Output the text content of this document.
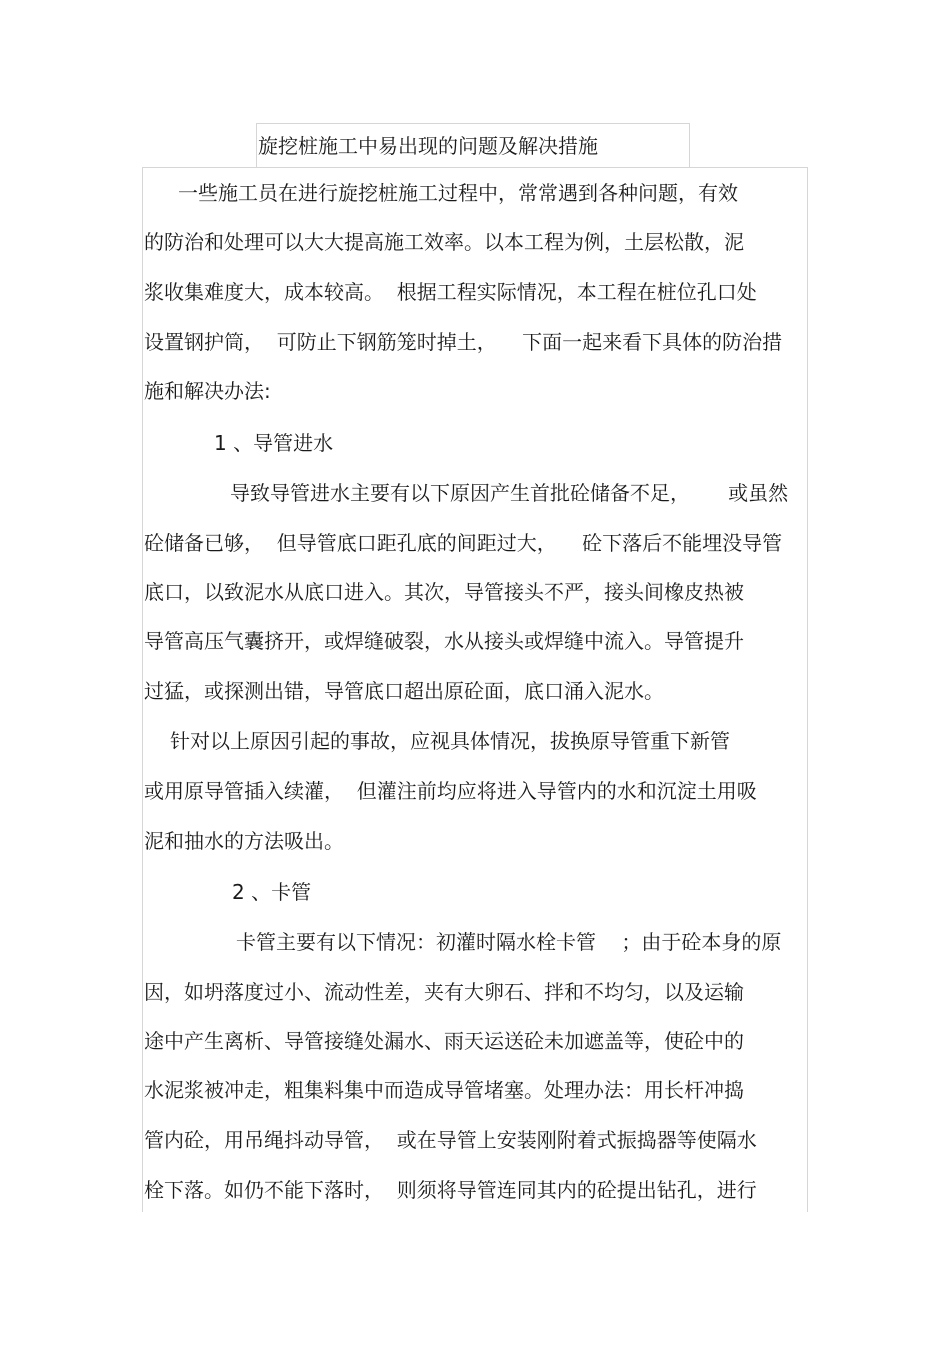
旋挖桩施工中易出现的问题及解决措施
一些施工员在进行旋挖桩施工过程中，常常遇到各种问题，有效
的防治和处理可以大大提高施工效率。以本工程为例，土层松散，泥
浆收集难度大，成本较高。  根据工程实际情况，本工程在桩位孔口处
设置钢护筒，  可防止下钢筋笼时掉土，    下面一起来看下具体的防治措
施和解决办法:
1 、导管进水
导致导管进水主要有以下原因产生首批砼储备不足，      或虽然
砼储备已够，  但导管底口距孔底的间距过大，    砼下落后不能埋没导管
底口，以致泥水从底口进入。其次，导管接头不严，接头间橡皮热被
导管高压气囊挤开，或焊缝破裂，水从接头或焊缝中流入。导管提升
过猛，或探测出错，导管底口超出原砼面，底口涌入泥水。
针对以上原因引起的事故，应视具体情况，拔换原导管重下新管
或用原导管插入续灌，  但灌注前均应将进入导管内的水和沉淀土用吸
泥和抽水的方法吸出。
2 、卡管
卡管主要有以下情况：初灌时隔水栓卡管    ；由于砼本身的原
因，如坍落度过小、流动性差，夹有大卵石、拌和不均匀，以及运输
途中产生离析、导管接缝处漏水、雨天运送砼未加遮盖等，使砼中的
水泥浆被冲走，粗集料集中而造成导管堵塞。处理办法：用长杆冲捣
管内砼，用吊绳抖动导管，  或在导管上安装刚附着式振捣器等使隔水
栓下落。如仍不能下落时，  则须将导管连同其内的砼提出钻孔，进行
